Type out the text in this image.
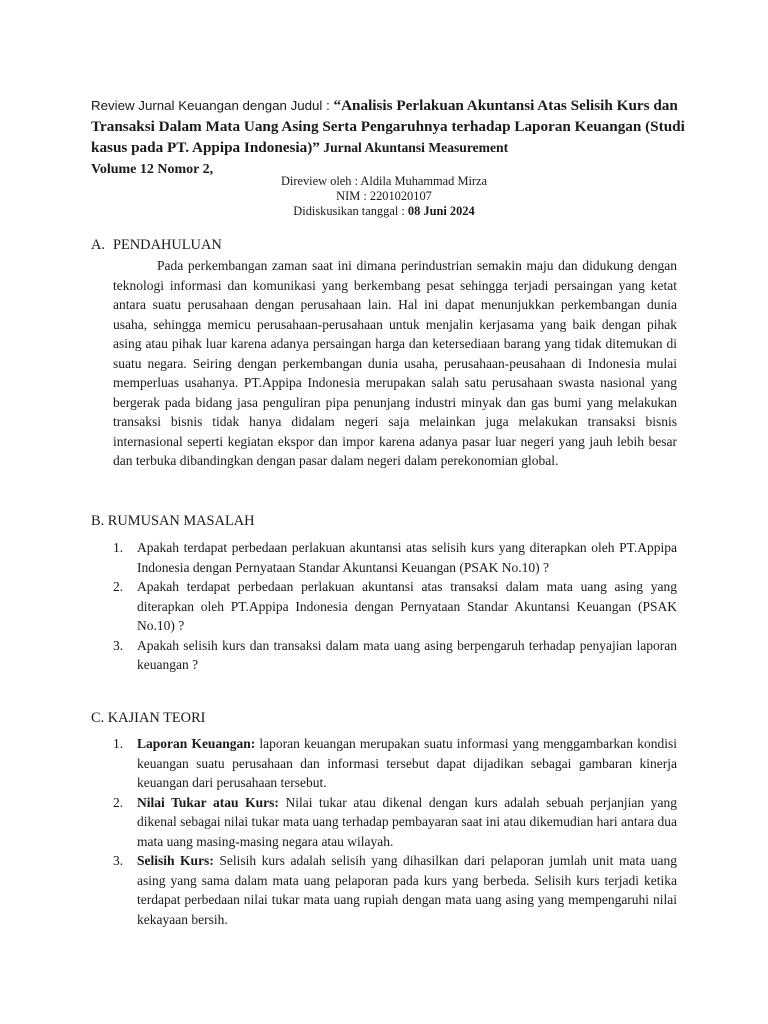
Review Jurnal Keuangan dengan Judul : “Analisis Perlakuan Akuntansi Atas Selisih Kurs dan Transaksi Dalam Mata Uang Asing Serta Pengaruhnya terhadap Laporan Keuangan (Studi kasus pada PT. Appipa Indonesia)” Jurnal Akuntansi Measurement
Volume 12 Nomor 2,
Direview oleh : Aldila Muhammad Mirza
NIM : 2201020107
Didiskusikan tanggal : 08 Juni 2024
A. PENDAHULUAN

Pada perkembangan zaman saat ini dimana perindustrian semakin maju dan didukung dengan teknologi informasi dan komunikasi yang berkembang pesat sehingga terjadi persaingan yang ketat antara suatu perusahaan dengan perusahaan lain. Hal ini dapat menunjukkan perkembangan dunia usaha, sehingga memicu perusahaan-perusahaan untuk menjalin kerjasama yang baik dengan pihak asing atau pihak luar karena adanya persaingan harga dan ketersediaan barang yang tidak ditemukan di suatu negara. Seiring dengan perkembangan dunia usaha, perusahaan-peusahaan di Indonesia mulai memperluas usahanya. PT.Appipa Indonesia merupakan salah satu perusahaan swasta nasional yang bergerak pada bidang jasa penguliran pipa penunjang industri minyak dan gas bumi yang melakukan transaksi bisnis tidak hanya didalam negeri saja melainkan juga melakukan transaksi bisnis internasional seperti kegiatan ekspor dan impor karena adanya pasar luar negeri yang jauh lebih besar dan terbuka dibandingkan dengan pasar dalam negeri dalam perekonomian global.

B. RUMUSAN MASALAH
1. Apakah terdapat perbedaan perlakuan akuntansi atas selisih kurs yang diterapkan oleh PT.Appipa Indonesia dengan Pernyataan Standar Akuntansi Keuangan (PSAK No.10) ?
2. Apakah terdapat perbedaan perlakuan akuntansi atas transaksi dalam mata uang asing yang diterapkan oleh PT.Appipa Indonesia dengan Pernyataan Standar Akuntansi Keuangan (PSAK No.10) ?
3. Apakah selisih kurs dan transaksi dalam mata uang asing berpengaruh terhadap penyajian laporan keuangan ?
C. KAJIAN TEORI
1. Laporan Keuangan: laporan keuangan merupakan suatu informasi yang menggambarkan kondisi keuangan suatu perusahaan dan informasi tersebut dapat dijadikan sebagai gambaran kinerja keuangan dari perusahaan tersebut.
2. Nilai Tukar atau Kurs: Nilai tukar atau dikenal dengan kurs adalah sebuah perjanjian yang dikenal sebagai nilai tukar mata uang terhadap pembayaran saat ini atau dikemudian hari antara dua mata uang masing-masing negara atau wilayah.
3. Selisih Kurs: Selisih kurs adalah selisih yang dihasilkan dari pelaporan jumlah unit mata uang asing yang sama dalam mata uang pelaporan pada kurs yang berbeda. Selisih kurs terjadi ketika terdapat perbedaan nilai tukar mata uang rupiah dengan mata uang asing yang mempengaruhi nilai kekayaan bersih.
